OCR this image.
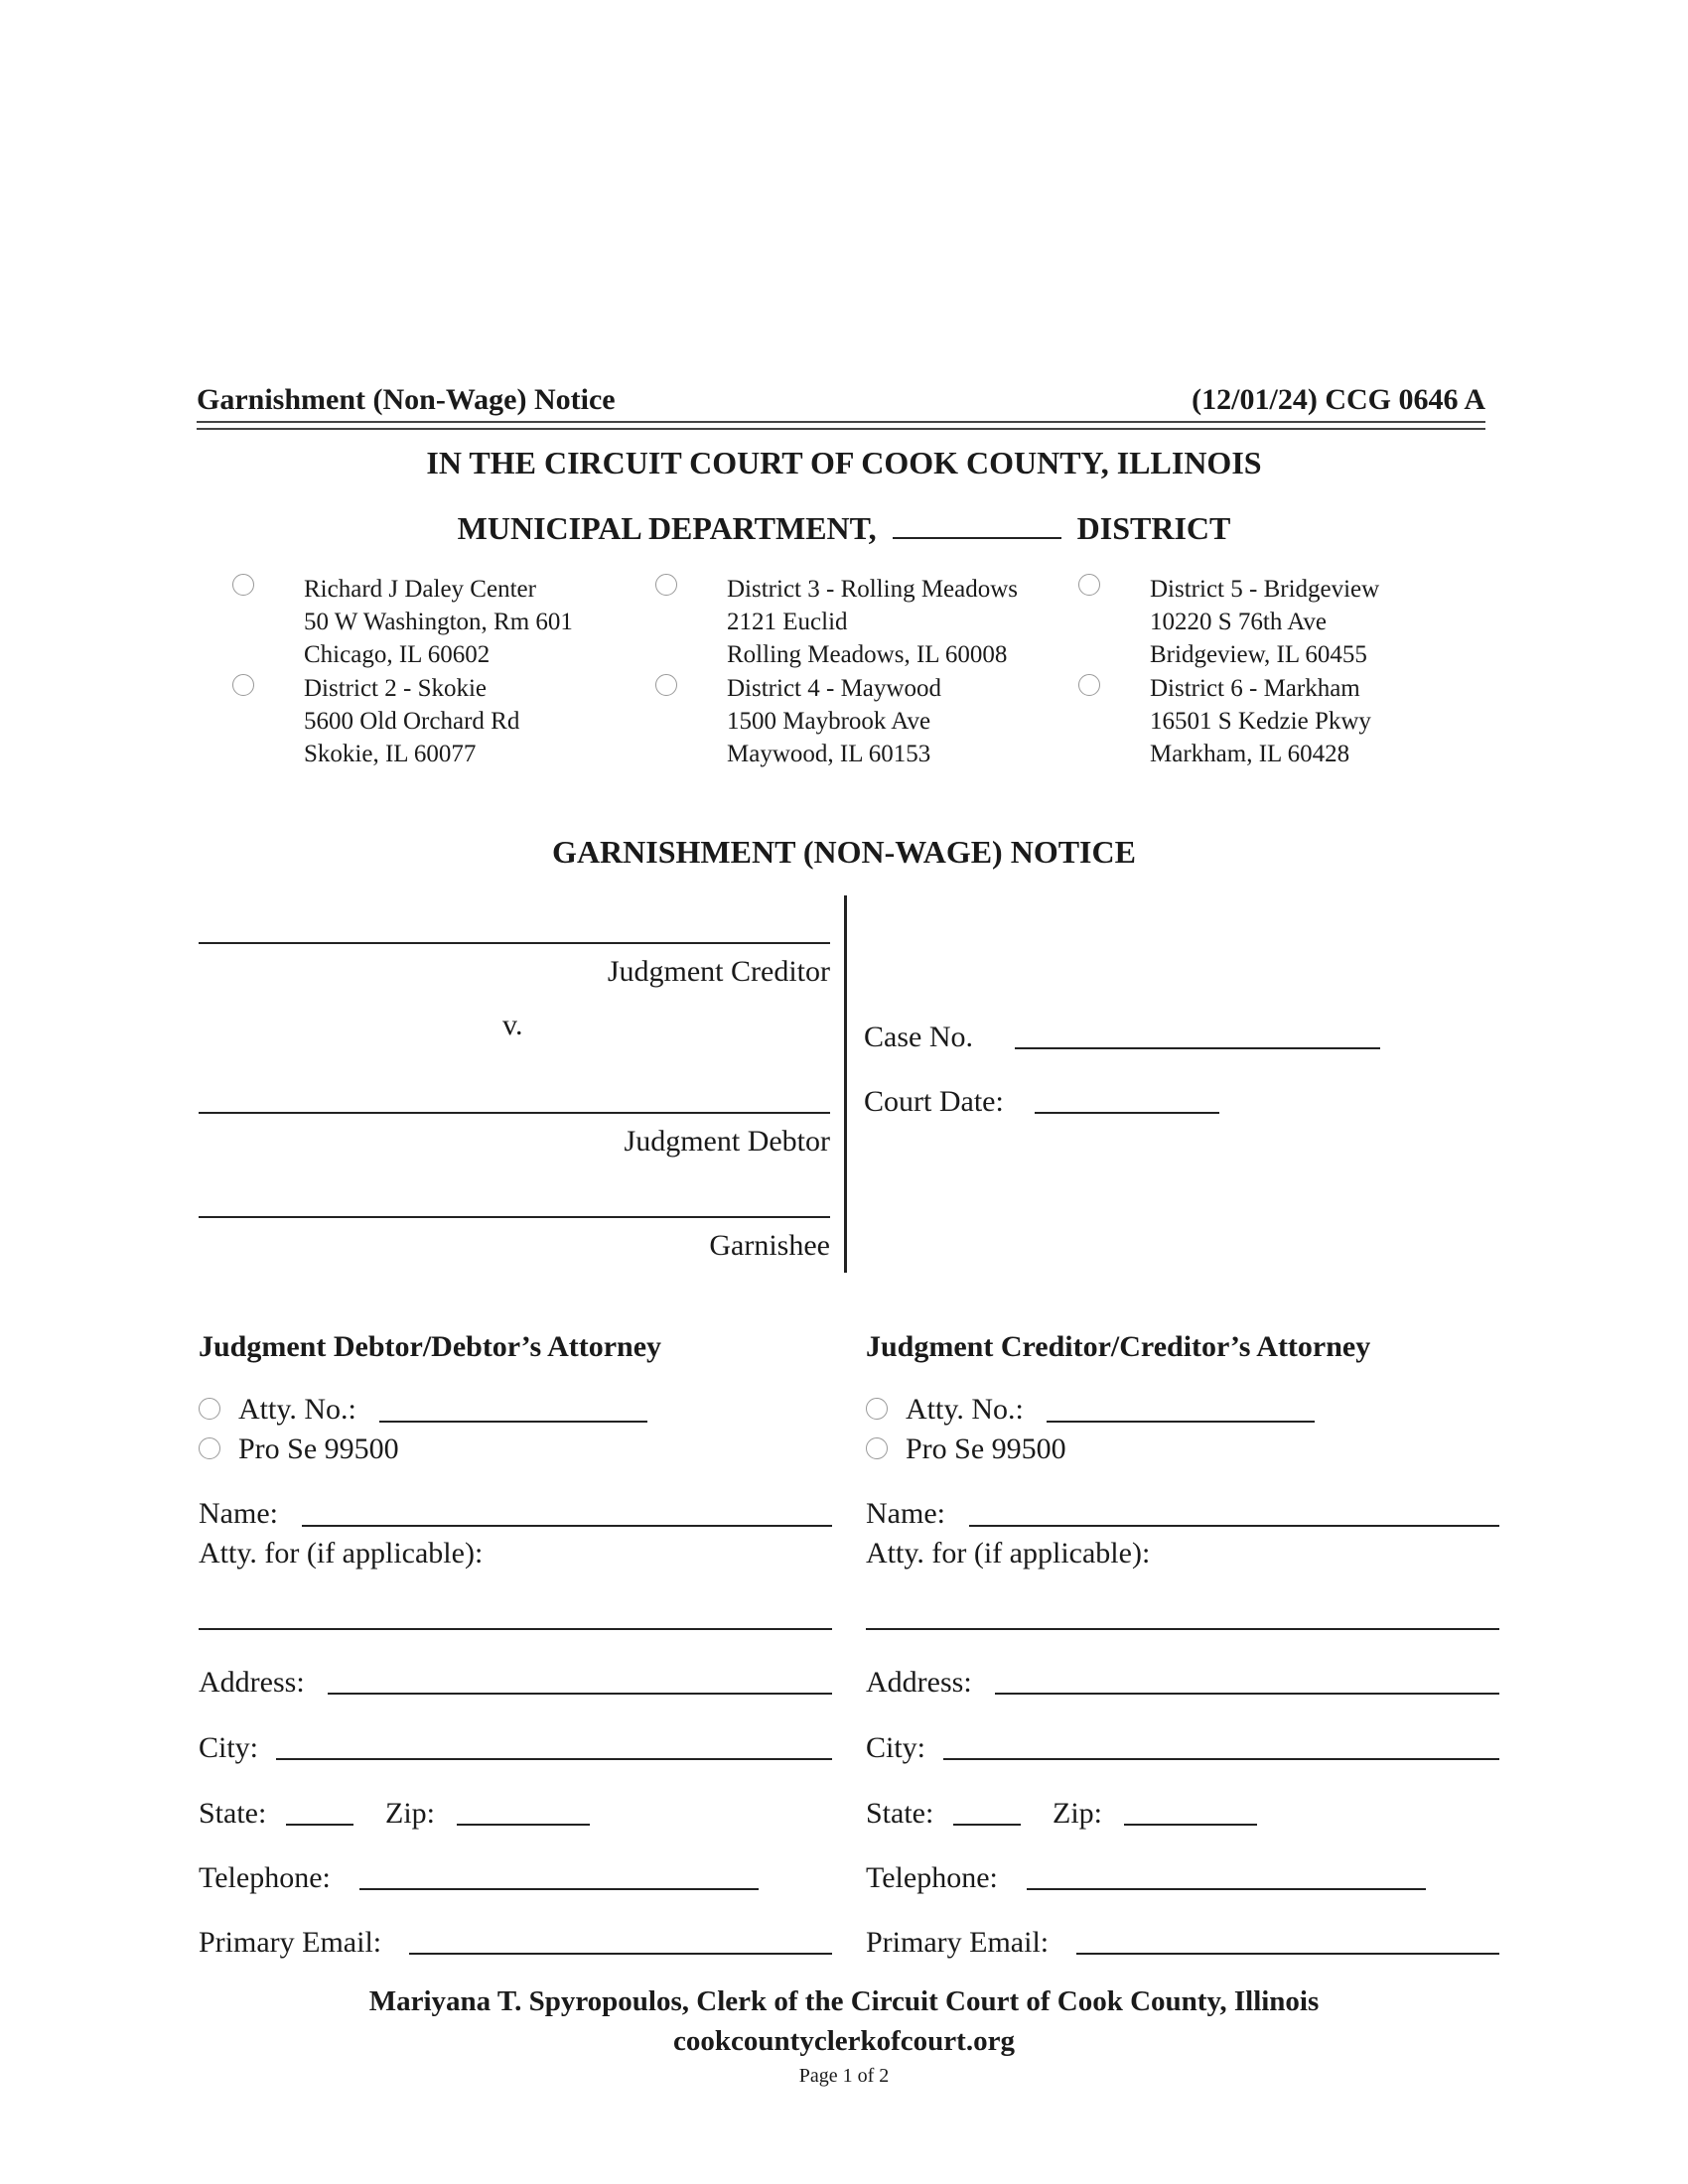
Garnishment (Non-Wage) Notice	(12/01/24) CCG 0646 A
IN THE CIRCUIT COURT OF COOK COUNTY, ILLINOIS
MUNICIPAL DEPARTMENT,	DISTRICT
Richard J Daley Center
50 W Washington, Rm 601
Chicago, IL 60602
District 2 - Skokie
5600 Old Orchard Rd
Skokie, IL 60077
District 3 - Rolling Meadows
2121 Euclid
Rolling Meadows, IL 60008
District 4 - Maywood
1500 Maybrook Ave
Maywood, IL 60153
District 5 - Bridgeview
10220 S 76th Ave
Bridgeview, IL 60455
District 6 - Markham
16501 S Kedzie Pkwy
Markham, IL 60428
GARNISHMENT (NON-WAGE) NOTICE
Judgment Creditor
v.
Judgment Debtor
Garnishee
Case No.
Court Date:
Judgment Debtor/Debtor’s Attorney
Atty. No.:
Pro Se 99500
Name:
Atty. for (if applicable):
Address:
City:
State:	Zip:
Telephone:
Primary Email:
Judgment Creditor/Creditor’s Attorney
Atty. No.:
Pro Se 99500
Name:
Atty. for (if applicable):
Address:
City:
State:	Zip:
Telephone:
Primary Email:
Mariyana T. Spyropoulos, Clerk of the Circuit Court of Cook County, Illinois
cookcountyclerkofcourt.org
Page 1 of 2
